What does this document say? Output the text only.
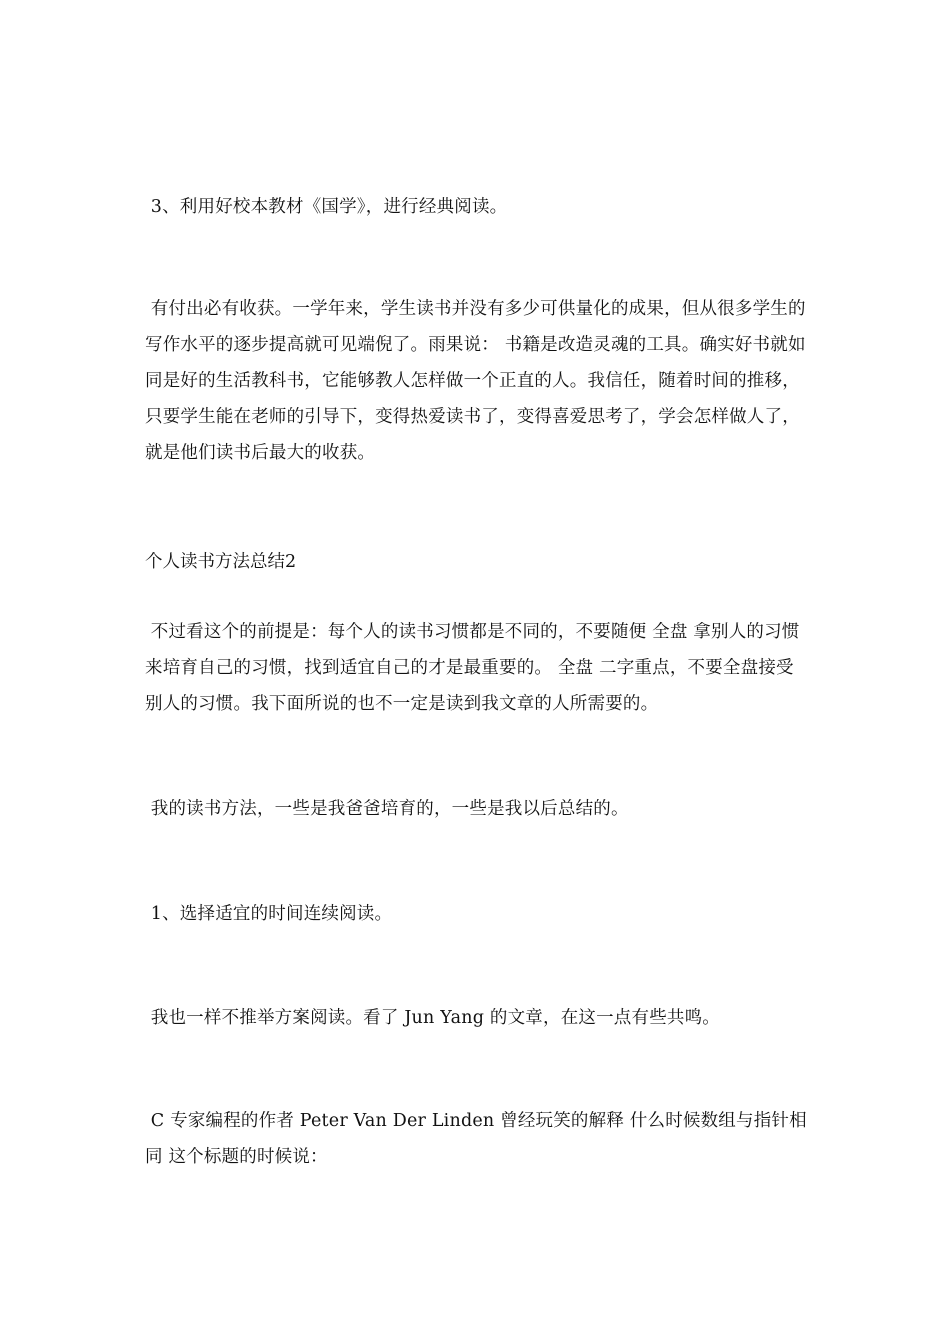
3、利用好校本教材《国学》，进行经典阅读。

有付出必有收获。一学年来，学生读书并没有多少可供量化的成果，但从很多学生的写作水平的逐步提高就可见端倪了。雨果说： 书籍是改造灵魂的工具。确实好书就如同是好的生活教科书，它能够教人怎样做一个正直的人。我信任，随着时间的推移，只要学生能在老师的引导下，变得热爱读书了，变得喜爱思考了，学会怎样做人了，就是他们读书后最大的收获。

个人读书方法总结2

不过看这个的前提是：每个人的读书习惯都是不同的，不要随便 全盘 拿别人的习惯来培育自己的习惯，找到适宜自己的才是最重要的。 全盘 二字重点，不要全盘接受别人的习惯。我下面所说的也不一定是读到我文章的人所需要的。

我的读书方法，一些是我爸爸培育的，一些是我以后总结的。

1、选择适宜的时间连续阅读。

我也一样不推举方案阅读。看了 Jun Yang 的文章，在这一点有些共鸣。

C 专家编程的作者 Peter Van Der Linden 曾经玩笑的解释 什么时候数组与指针相同 这个标题的时候说：
